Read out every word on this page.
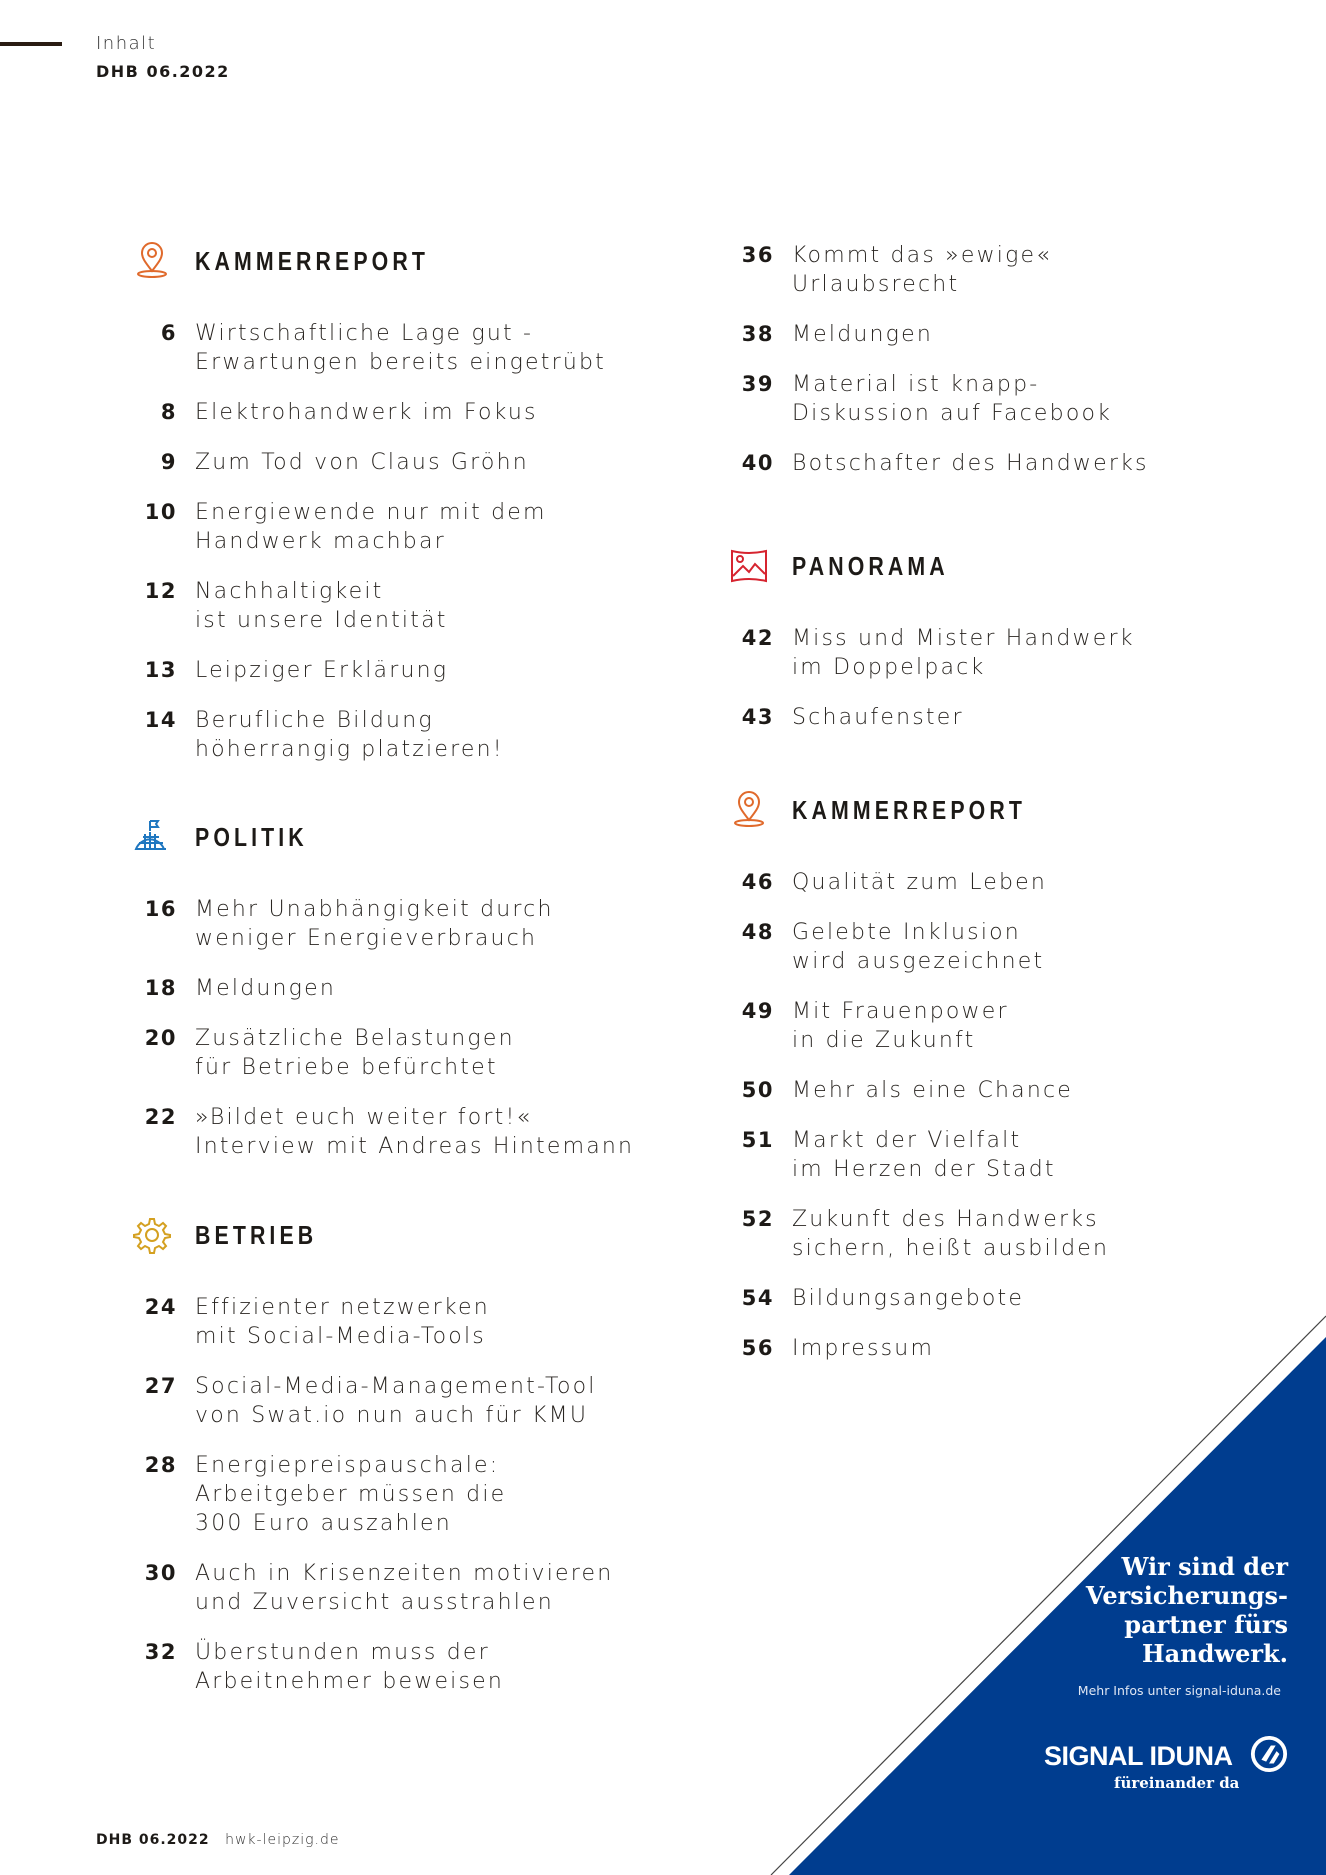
Inhalt
DHB 06.2022
KAMMERREPORT
6 Wirtschaftliche Lage gut -
Erwartungen bereits eingetrübt
8 Elektrohandwerk im Fokus
9 Zum Tod von Claus Gröhn
10 Energiewende nur mit dem
Handwerk machbar
12 Nachhaltigkeit
ist unsere Identität
13 Leipziger Erklärung
14 Berufliche Bildung
höherrangig platzieren!
POLITIK
16 Mehr Unabhängigkeit durch
weniger Energieverbrauch
18 Meldungen
20 Zusätzliche Belastungen
für Betriebe befürchtet
22 »Bildet euch weiter fort!«
Interview mit Andreas Hintemann
BETRIEB
24 Effizienter netzwerken
mit Social-Media-Tools
27 Social-Media-Management-Tool
von Swat.io nun auch für KMU
28 Energiepreispauschale:
Arbeitgeber müssen die
300 Euro auszahlen
30 Auch in Krisenzeiten motivieren
und Zuversicht ausstrahlen
32 Überstunden muss der
Arbeitnehmer beweisen
36 Kommt das »ewige«
Urlaubsrecht
38 Meldungen
39 Material ist knapp-
Diskussion auf Facebook
40 Botschafter des Handwerks
PANORAMA
42 Miss und Mister Handwerk
im Doppelpack
43 Schaufenster
KAMMERREPORT
46 Qualität zum Leben
48 Gelebte Inklusion
wird ausgezeichnet
49 Mit Frauenpower
in die Zukunft
50 Mehr als eine Chance
51 Markt der Vielfalt
im Herzen der Stadt
52 Zukunft des Handwerks
sichern, heißt ausbilden
54 Bildungsangebote
56 Impressum
DHB 06.2022 hwk-leipzig.de
Wir sind der
Versicherungs-
partner fürs
Handwerk.
Mehr Infos unter signal-iduna.de
SIGNAL IDUNA
füreinander da
